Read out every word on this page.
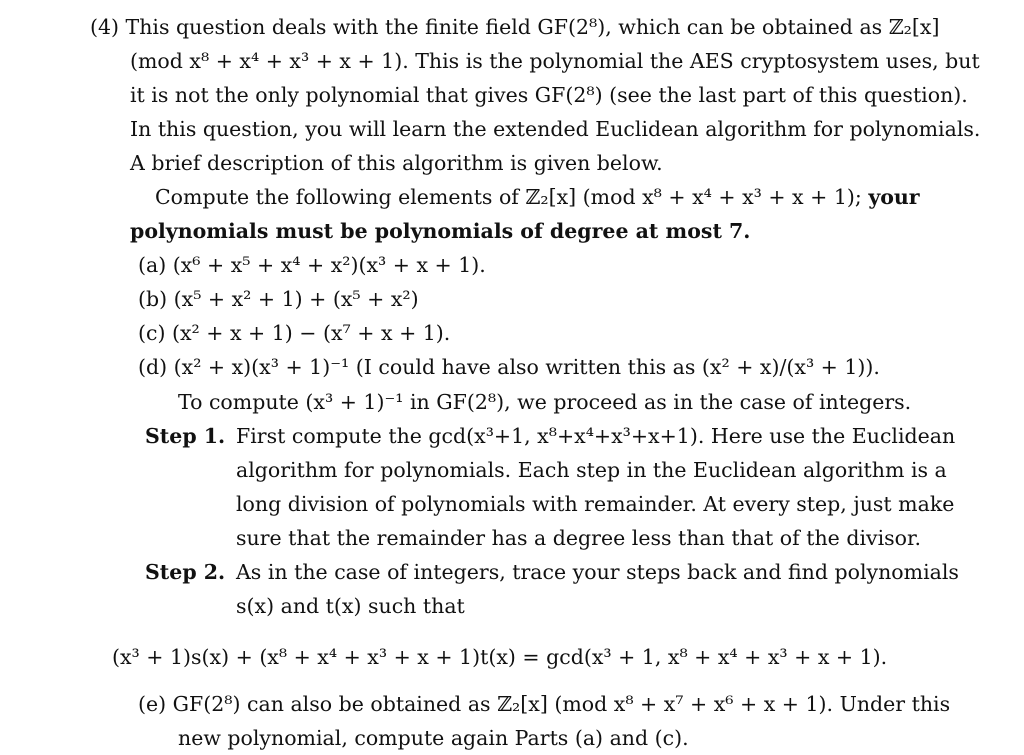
(4) This question deals with the finite field GF(2⁸), which can be obtained as ℤ₂[x]
(mod x⁸ + x⁴ + x³ + x + 1). This is the polynomial the AES cryptosystem uses, but
it is not the only polynomial that gives GF(2⁸) (see the last part of this question).
In this question, you will learn the extended Euclidean algorithm for polynomials.
A brief description of this algorithm is given below.
Compute the following elements of ℤ₂[x] (mod x⁸ + x⁴ + x³ + x + 1); your
polynomials must be polynomials of degree at most 7.
(a) (x⁶ + x⁵ + x⁴ + x²)(x³ + x + 1).
(b) (x⁵ + x² + 1) + (x⁵ + x²)
(c) (x² + x + 1) − (x⁷ + x + 1).
(d) (x² + x)(x³ + 1)⁻¹ (I could have also written this as (x² + x)/(x³ + 1)).
To compute (x³ + 1)⁻¹ in GF(2⁸), we proceed as in the case of integers.
Step 1. First compute the gcd(x³+1, x⁸+x⁴+x³+x+1). Here use the Euclidean
algorithm for polynomials. Each step in the Euclidean algorithm is a
long division of polynomials with remainder. At every step, just make
sure that the remainder has a degree less than that of the divisor.
Step 2. As in the case of integers, trace your steps back and find polynomials
s(x) and t(x) such that
(x³ + 1)s(x) + (x⁸ + x⁴ + x³ + x + 1)t(x) = gcd(x³ + 1, x⁸ + x⁴ + x³ + x + 1).
(e) GF(2⁸) can also be obtained as ℤ₂[x] (mod x⁸ + x⁷ + x⁶ + x + 1). Under this
new polynomial, compute again Parts (a) and (c).
